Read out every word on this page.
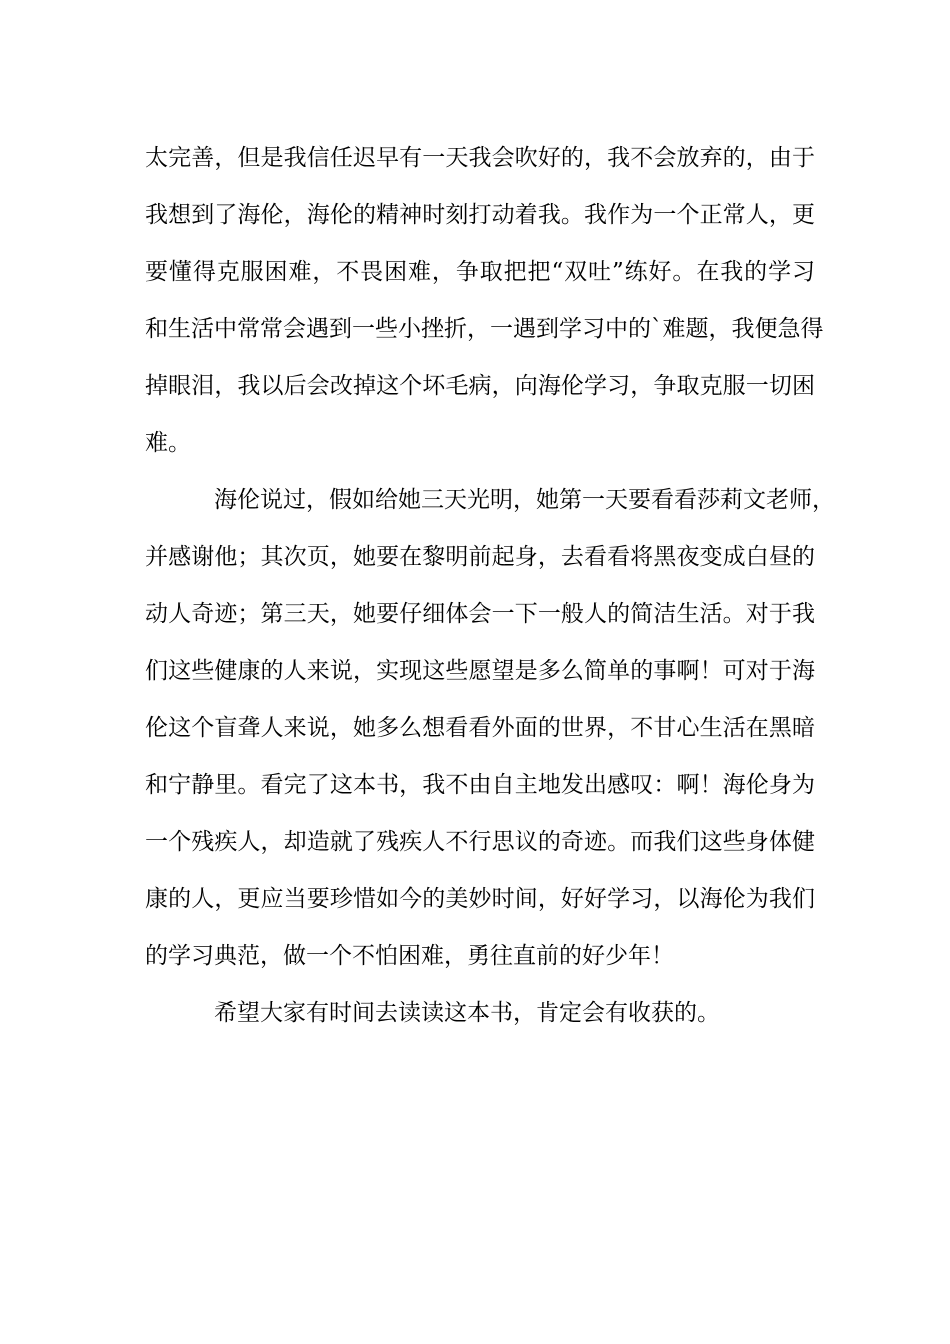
太完善，但是我信任迟早有一天我会吹好的，我不会放弃的，由于
我想到了海伦，海伦的精神时刻打动着我。我作为一个正常人，更
要懂得克服困难，不畏困难，争取把把“双吐”练好。在我的学习
和生活中常常会遇到一些小挫折，一遇到学习中的`难题，我便急得
掉眼泪，我以后会改掉这个坏毛病，向海伦学习，争取克服一切困
难。
海伦说过，假如给她三天光明，她第一天要看看莎莉文老师，
并感谢他；其次页，她要在黎明前起身，去看看将黑夜变成白昼的
动人奇迹；第三天，她要仔细体会一下一般人的简洁生活。对于我
们这些健康的人来说，实现这些愿望是多么简单的事啊！可对于海
伦这个盲聋人来说，她多么想看看外面的世界，不甘心生活在黑暗
和宁静里。看完了这本书，我不由自主地发出感叹：啊！海伦身为
一个残疾人，却造就了残疾人不行思议的奇迹。而我们这些身体健
康的人，更应当要珍惜如今的美妙时间，好好学习，以海伦为我们
的学习典范，做一个不怕困难，勇往直前的好少年！
希望大家有时间去读读这本书，肯定会有收获的。
